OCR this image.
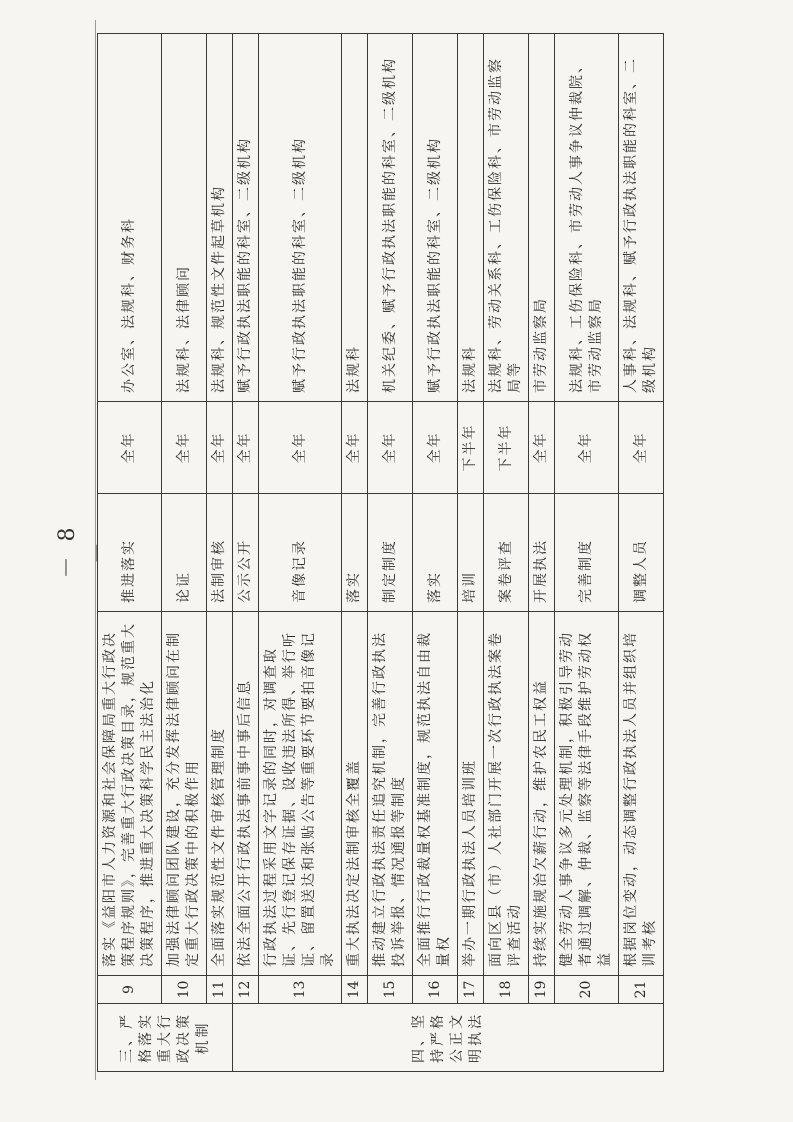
三、严格落实重大行政决策机制	9	落实《益阳市人力资源和社会保障局重大行政决策程序规则》，完善重大行政决策目录，规范重大决策程序，推进重大决策科学民主法治化	推进落实	全年	办公室、法规科、财务科
	10	加强法律顾问团队建设，充分发挥法律顾问在制定重大行政决策中的积极作用	论证	全年	法规科、法律顾问
	11	全面落实规范性文件审核管理制度	法制审核	全年	法规科、规范性文件起草机构
四、坚持严格公正文明执法	12	依法全面公开行政执法事前事中事后信息	公示公开	全年	赋予行政执法职能的科室、二级机构
	13	行政执法过程采用文字记录的同时，对调查取证、先行登记保存证据、设收违法所得、举行听证、留置送达和张贴公告等重要环节要拍音像记录	音像记录	全年	赋予行政执法职能的科室、二级机构
	14	重大执法决定法制审核全覆盖	落实	全年	法规科
	15	推动建立行政执法责任追究机制，完善行政执法投诉举报、情况通报等制度	制定制度	全年	机关纪委、赋予行政执法职能的科室、二级机构
	16	全面推行行政裁量权基准制度，规范执法自由裁量权	落实	全年	赋予行政执法职能的科室、二级机构
	17	举办一期行政执法人员培训班	培训	下半年	法规科
	18	面向区县（市）人社部门开展一次行政执法案卷评查活动	案卷评查	下半年	法规科、劳动关系科、工伤保险科、市劳动监察局等
	19	持续实施规治欠薪行动，维护农民工权益	开展执法	全年	市劳动监察局
	20	健全劳动人事争议多元处理机制，积极引导劳动者通过调解、仲裁、监察等法律手段维护劳动权益	完善制度	全年	法规科、工伤保险科、市劳动人事争议仲裁院、市劳动监察局
	21	根据岗位变动，动态调整行政执法人员并组织培训考核	调整人员	全年	人事科、法规科、赋予行政执法职能的科室、二级机构
－ 8 －
